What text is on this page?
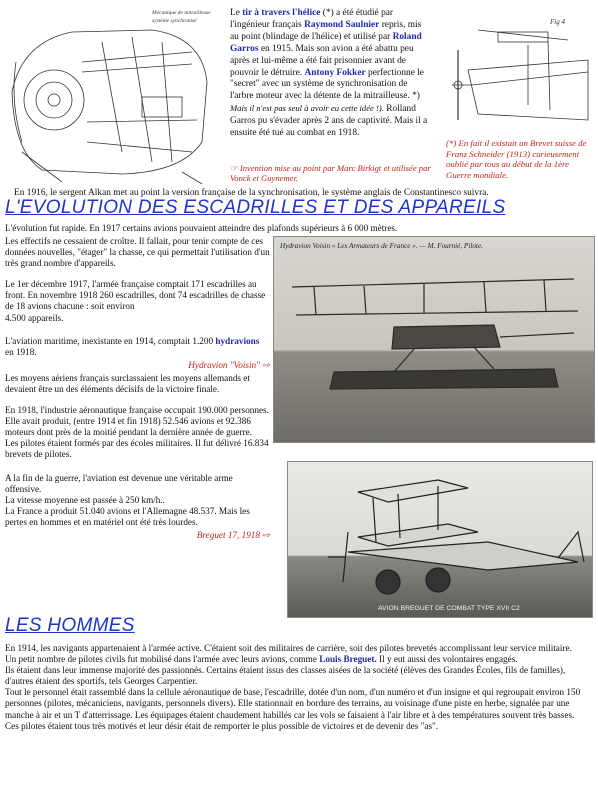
Mécanique de mitrailleuse
système synchronisé
Le tir à travers l'hélice (*) a été étudié par l'ingénieur français Raymond Saulnier repris, mis au point (blindage de l'hélice) et utilisé par Roland Garros en 1915. Mais son avion a été abattu peu après et lui-même a été fait prisonnier avant de pouvoir le détruire. Antony Fokker perfectionne le "secret" avec un système de synchronisation de l'arbre moteur avec la détente de la mitrailleuse. *) Mais il n'est pas seul à avoir eu cette idée !). Rolland Garros pu s'évader après 2 ans de captivité. Mais il a ensuite été tué au combat en 1918.
☞ Invention mise au point par Marc Birkigt et utilisée par Vonck et Guynemer.
Fig 4
(*) En fait il existait un Brevet suisse de Franz Schneider (1913) curieusement oublié par tous au début de la 1ère Guerre mondiale.
En 1916, le sergent Alkan met au point la version française de la synchronisation, le système anglais de Constantinesco suivra.
L'EVOLUTION DES ESCADRILLES ET DES APPAREILS
L'évolution fut rapide. En 1917 certains avions pouvaient atteindre des plafonds supérieurs à 6 000 mètres.

Les effectifs ne cessaient de croître. Il fallait, pour tenir compte de ces données nouvelles, "étager" la chasse, ce qui permettait l'utilisation d'un très grand nombre d'appareils.

Le 1er décembre 1917, l'armée française comptait 171 escadrilles au front. En novembre 1918 260 escadrilles, dont 74 escadrilles de chasse de 18 avions chacune : soit environ

4.500 appareils.

L'aviation maritime, inexistante en 1914, comptait 1.200 hydravions en 1918.

Hydravion "Voisin" ⇨

Les moyens aériens français surclassaient les moyens allemands et devaient être un des éléments décisifs de la victoire finale.

En 1918, l'industrie aéronautique française occupait 190.000 personnes. Elle avait produit, (entre 1914 et fin 1918) 52.546 avions et 92.386 moteurs dont près de la moitié pendant la dernière année de guerre.

Les pilotes étaient formés par des écoles militaires. Il fut délivré 16.834 brevets de pilotes.

A la fin de la guerre, l'aviation est devenue une véritable arme offensive.

La vitesse moyenne est passée à 250 km/h..

La France a produit 51.040 avions et l'Allemagne 48.537. Mais les pertes en hommes et en matériel ont été très lourdes.

Breguet 17, 1918 ⇨

Hydravion Voisin « Les Armateurs de France ». — M. Fournié, Pilote.
AVION BREGUET DE COMBAT TYPE XVII C2
LES HOMMES

En 1914, les navigants appartenaient à l'armée active. C'étaient soit des militaires de carrière, soit des pilotes brevetés accomplissant leur service militaire.

Un petit nombre de pilotes civils fut mobilisé dans l'armée avec leurs avions, comme Louis Breguet. Il y eut aussi des volontaires engagés.

Ils étaient dans leur immense majorité des passionnés. Certains étaient issus des classes aisées de la société (élèves des Grandes Écoles, fils de familles), d'autres étaient des sportifs, tels Georges Carpentier.

Tout le personnel était rassemblé dans la cellule aéronautique de base, l'escadrille, dotée d'un nom, d'un numéro et d'un insigne et qui regroupait environ 150 personnes (pilotes, mécaniciens, navigants, personnels divers). Elle stationnait en bordure des terrains, au voisinage d'une piste en herbe, signalée par une manche à air et un T d'atterrissage. Les équipages étaient chaudement habillés car les vols se faisaient à l'air libre et à des températures souvent très basses.

Ces pilotes étaient tous très motivés et leur désir était de remporter le plus possible de victoires et de devenir des "as".
